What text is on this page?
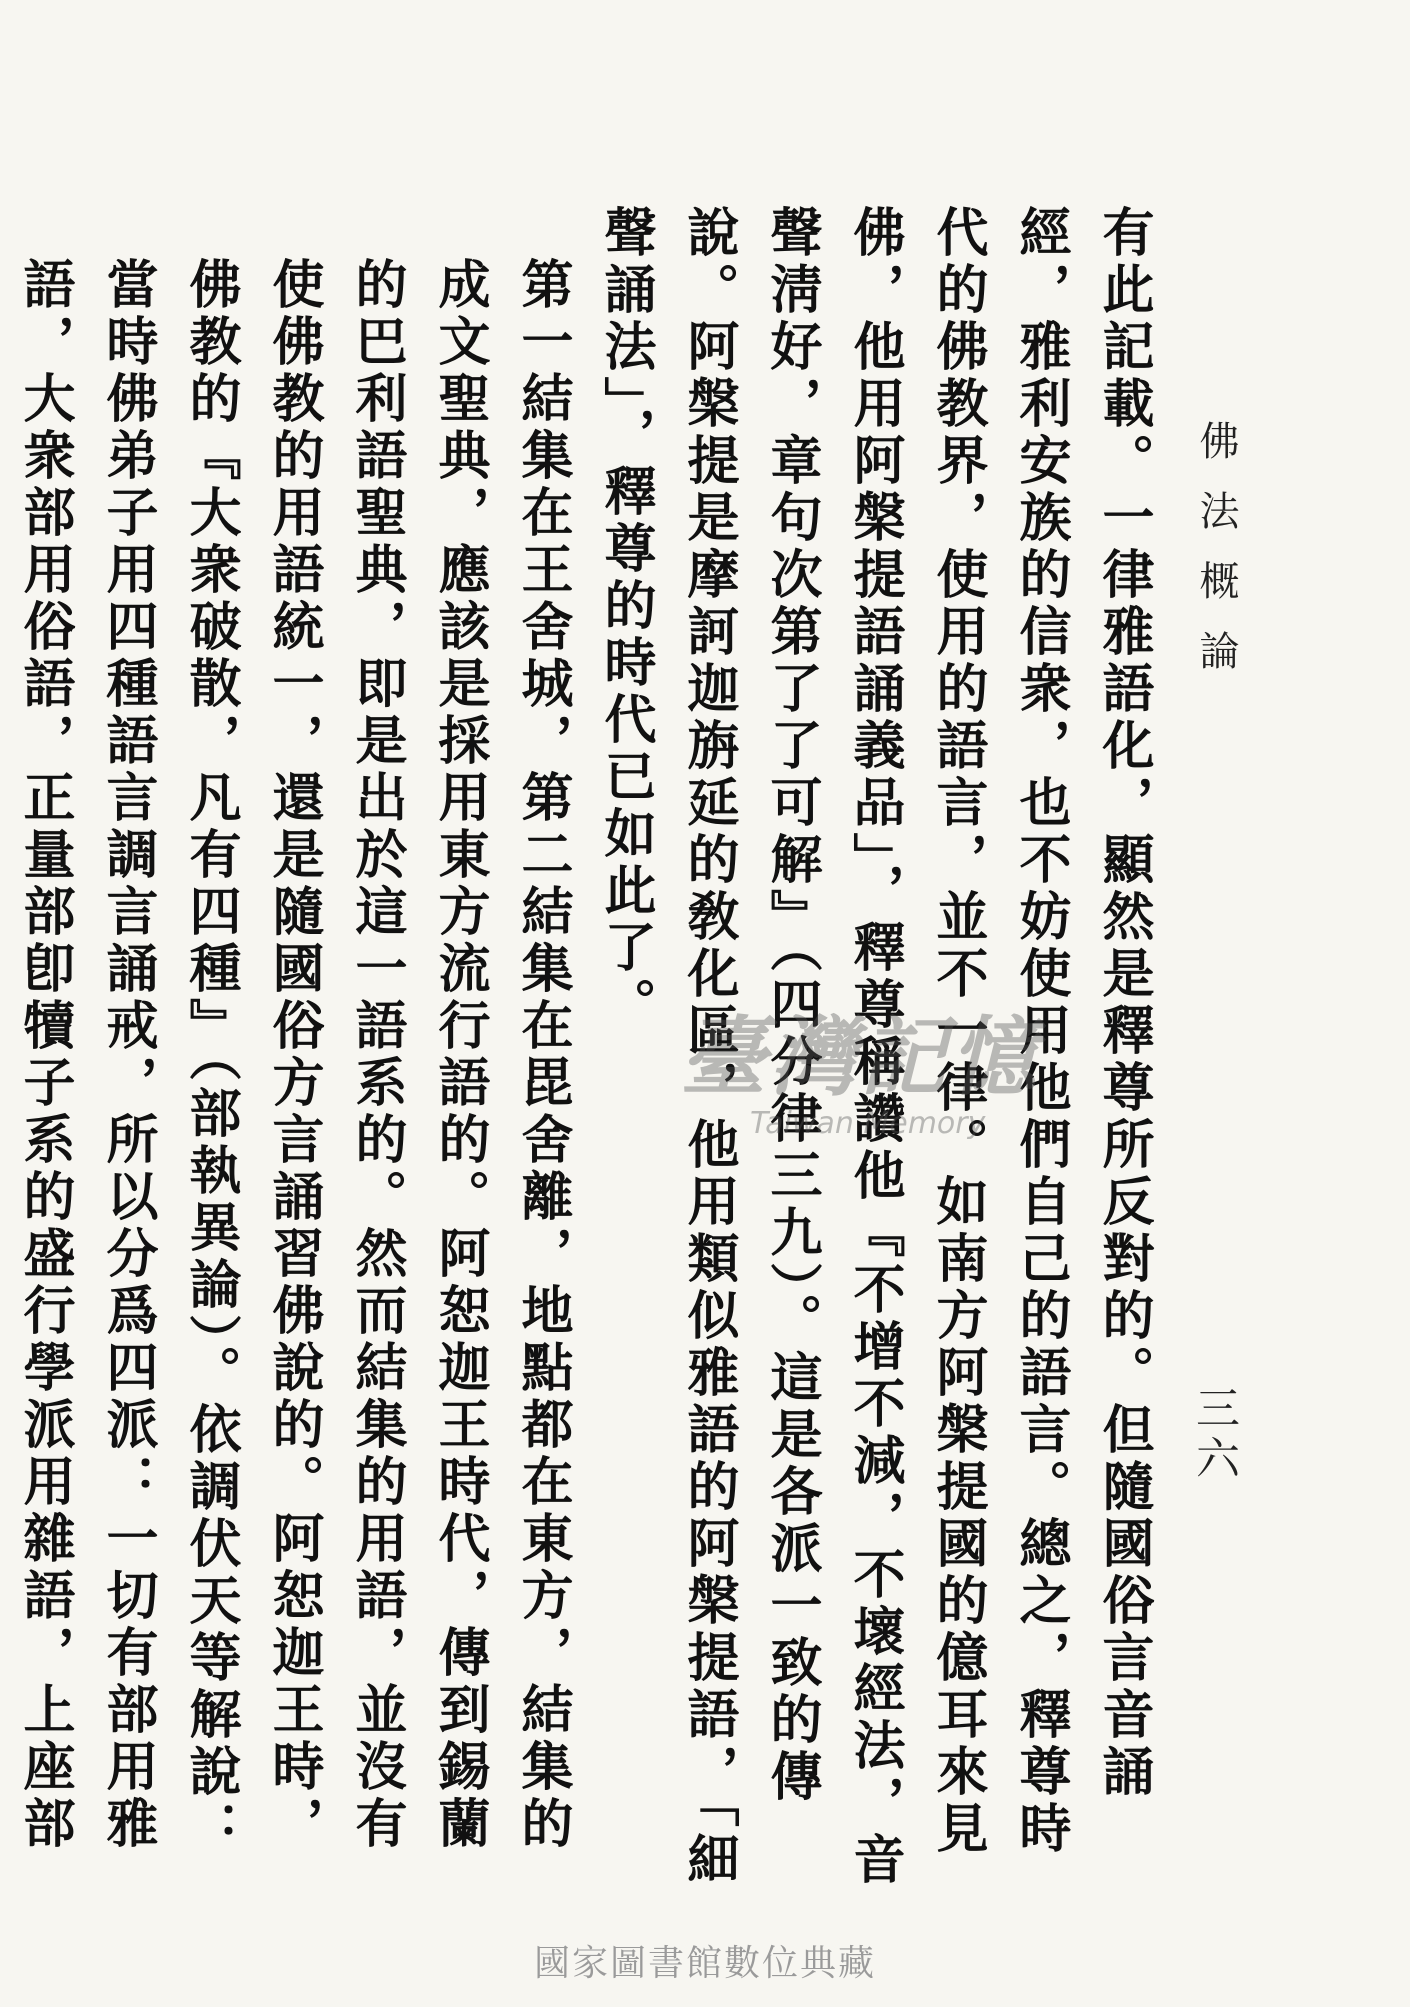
佛法概論
三六

有此記載。一律雅語化，顯然是釋尊所反對的。但隨國俗言音誦經，雅利安族的信衆，也不妨使用他們自己的語言。總之，釋尊時代的佛教界，使用的語言，並不一律。如南方阿槃提國的億耳來見佛，他用阿槃提語誦義品」，釋尊稱讚他『不增不減，不壞經法，音聲淸好，章句次第了了可解』（四分律三九）。這是各派一致的傳說。阿槃提是摩訶迦旃延的敎化區，他用類似雅語的阿槃提語，「細聲誦法」，釋尊的時代已如此了。

第一結集在王舍城，第二結集在毘舍離，地點都在東方，結集的成文聖典，應該是採用東方流行語的。阿恕迦王時代，傳到錫蘭的巴利語聖典，即是出於這一語系的。然而結集的用語，並沒有使佛教的用語統一，還是隨國俗方言誦習佛說的。阿恕迦王時，佛教的『大衆破散，凡有四種』（部執異論）。依調伏天等解說：當時佛弟子用四種語言調言誦戒，所以分爲四派：一切有部用雅語，大衆部用俗語，正量部卽犢子系的盛行學派用雜語，上座部

臺灣記憶
Taiwan Memory
國家圖書館數位典藏
